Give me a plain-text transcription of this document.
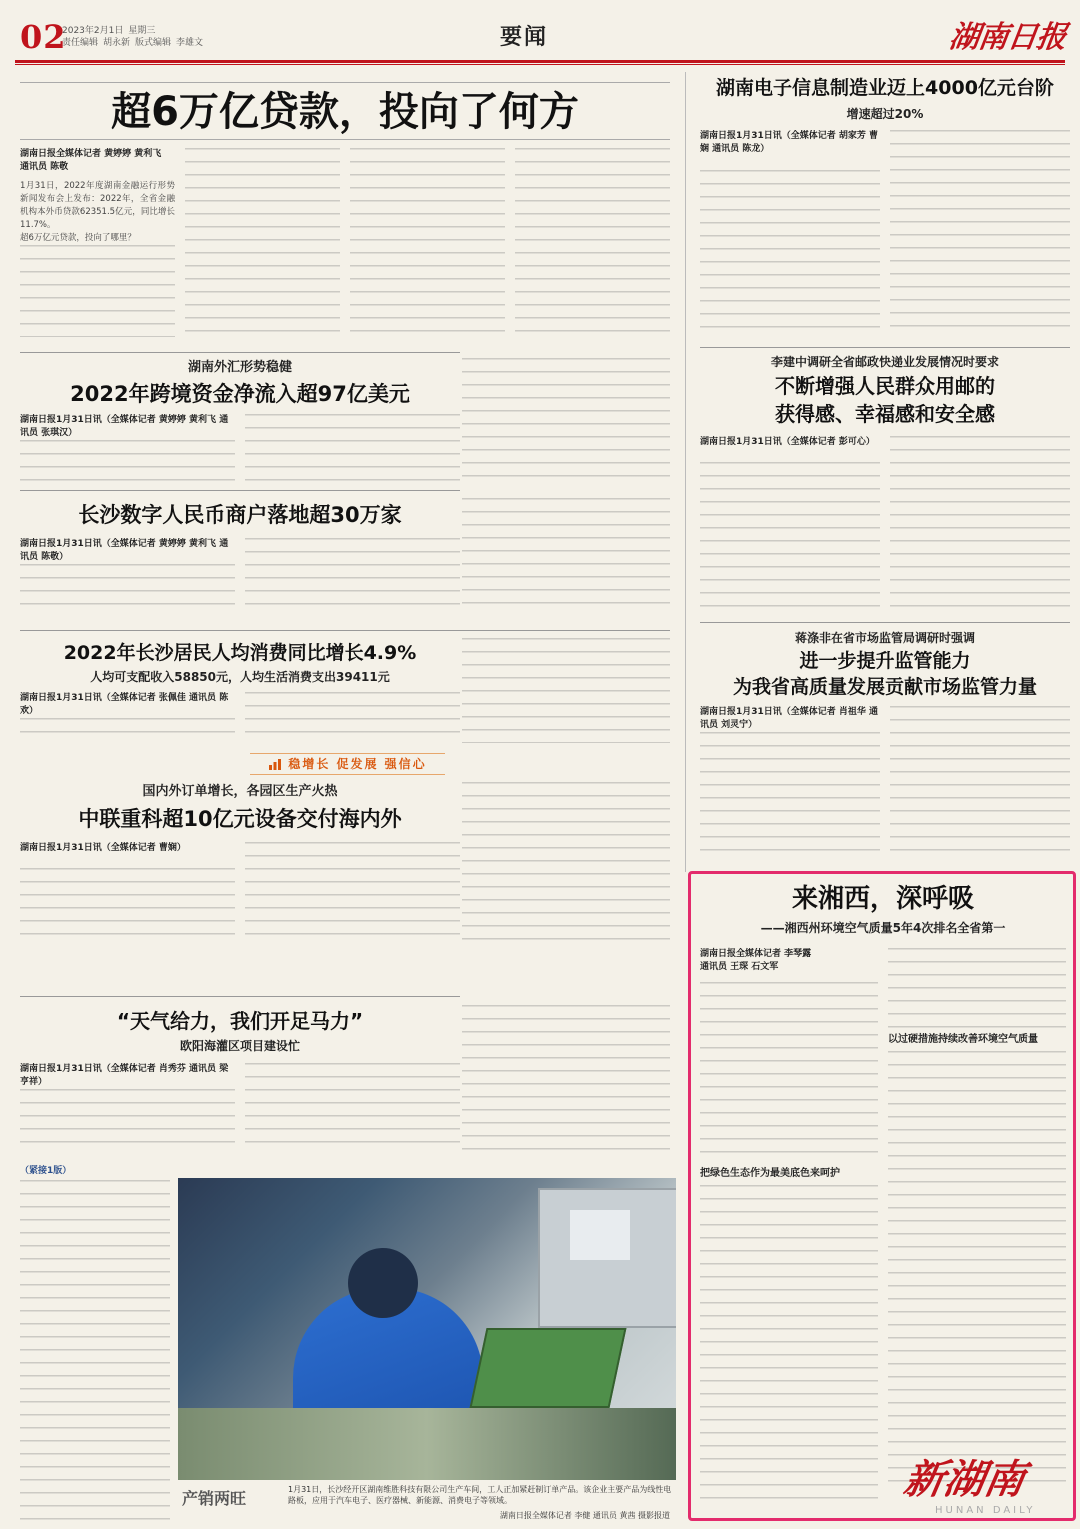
02
2023年2月1日 星期三
责任编辑 胡永新 版式编辑 李雄文	要闻	湖南日报
超6万亿贷款，投向了何方
湖南日报全媒体记者 黄婷婷 黄利飞
通讯员 陈敬
1月31日，2022年度湖南金融运行形势新闻发布会上发布：2022年，全省金融机构本外币贷款62351.5亿元，同比增长11.7%。
超6万亿元贷款，投向了哪里？
湖南电子信息制造业迈上4000亿元台阶
增速超过20%
湖南日报1月31日讯（全媒体记者 胡家芳 曹娴 通讯员 陈龙）
湖南外汇形势稳健
2022年跨境资金净流入超97亿美元
湖南日报1月31日讯（全媒体记者 黄婷婷 黄利飞 通讯员 张琪汉）
长沙数字人民币商户落地超30万家
湖南日报1月31日讯（全媒体记者 黄婷婷 黄利飞 通讯员 陈敬）
李建中调研全省邮政快递业发展情况时要求
不断增强人民群众用邮的
获得感、幸福感和安全感
湖南日报1月31日讯（全媒体记者 彭可心）
2022年长沙居民人均消费同比增长4.9%
人均可支配收入58850元，人均生活消费支出39411元
湖南日报1月31日讯（全媒体记者 张佩佳 通讯员 陈欢）
蒋涤非在省市场监管局调研时强调
进一步提升监管能力
为我省高质量发展贡献市场监管力量
湖南日报1月31日讯（全媒体记者 肖祖华 通讯员 刘灵宁）
稳增长 促发展 强信心
国内外订单增长，各园区生产火热
中联重科超10亿元设备交付海内外
湖南日报1月31日讯（全媒体记者 曹娴）
“天气给力，我们开足马力”
欧阳海灌区项目建设忙
湖南日报1月31日讯（全媒体记者 肖秀芬 通讯员 梁亨祥）
（紧接1版）
产销两旺	1月31日，长沙经开区湖南维胜科技有限公司生产车间，工人正加紧赶制订单产品。该企业主要产品为线性电路板，应用于汽车电子、医疗器械、新能源、消费电子等领域。
湖南日报全媒体记者 李健 通讯员 黄茜 摄影报道
来湘西，深呼吸
——湘西州环境空气质量5年4次排名全省第一
湖南日报全媒体记者 李琴露
通讯员 王琛 石文军
把绿色生态作为最美底色来呵护
以过硬措施持续改善环境空气质量
新湖南
HUNAN DAILY
